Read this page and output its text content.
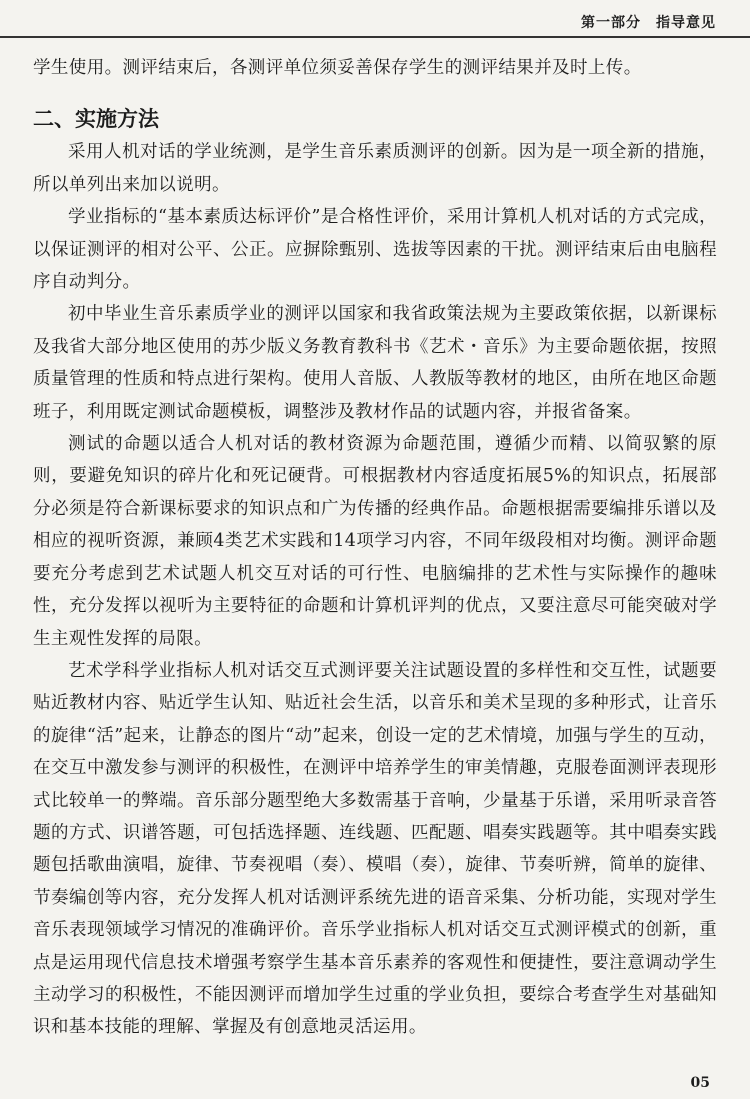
第一部分　指导意见

学生使用。测评结束后，各测评单位须妥善保存学生的测评结果并及时上传。

二、实施方法

采用人机对话的学业统测，是学生音乐素质测评的创新。因为是一项全新的措施，所以单列出来加以说明。

学业指标的“基本素质达标评价”是合格性评价，采用计算机人机对话的方式完成，以保证测评的相对公平、公正。应摒除甄别、选拔等因素的干扰。测评结束后由电脑程序自动判分。

初中毕业生音乐素质学业的测评以国家和我省政策法规为主要政策依据，以新课标及我省大部分地区使用的苏少版义务教育教科书《艺术・音乐》为主要命题依据，按照质量管理的性质和特点进行架构。使用人音版、人教版等教材的地区，由所在地区命题班子，利用既定测试命题模板，调整涉及教材作品的试题内容，并报省备案。

测试的命题以适合人机对话的教材资源为命题范围，遵循少而精、以简驭繁的原则，要避免知识的碎片化和死记硬背。可根据教材内容适度拓展5%的知识点，拓展部分必须是符合新课标要求的知识点和广为传播的经典作品。命题根据需要编排乐谱以及相应的视听资源，兼顾4类艺术实践和14项学习内容，不同年级段相对均衡。测评命题要充分考虑到艺术试题人机交互对话的可行性、电脑编排的艺术性与实际操作的趣味性，充分发挥以视听为主要特征的命题和计算机评判的优点，又要注意尽可能突破对学生主观性发挥的局限。

艺术学科学业指标人机对话交互式测评要关注试题设置的多样性和交互性，试题要贴近教材内容、贴近学生认知、贴近社会生活，以音乐和美术呈现的多种形式，让音乐的旋律“活”起来，让静态的图片“动”起来，创设一定的艺术情境，加强与学生的互动，在交互中激发参与测评的积极性，在测评中培养学生的审美情趣，克服卷面测评表现形式比较单一的弊端。音乐部分题型绝大多数需基于音响，少量基于乐谱，采用听录音答题的方式、识谱答题，可包括选择题、连线题、匹配题、唱奏实践题等。其中唱奏实践题包括歌曲演唱，旋律、节奏视唱（奏）、模唱（奏），旋律、节奏听辨，简单的旋律、节奏编创等内容，充分发挥人机对话测评系统先进的语音采集、分析功能，实现对学生音乐表现领域学习情况的准确评价。音乐学业指标人机对话交互式测评模式的创新，重点是运用现代信息技术增强考察学生基本音乐素养的客观性和便捷性，要注意调动学生主动学习的积极性，不能因测评而增加学生过重的学业负担，要综合考查学生对基础知识和基本技能的理解、掌握及有创意地灵活运用。

05
